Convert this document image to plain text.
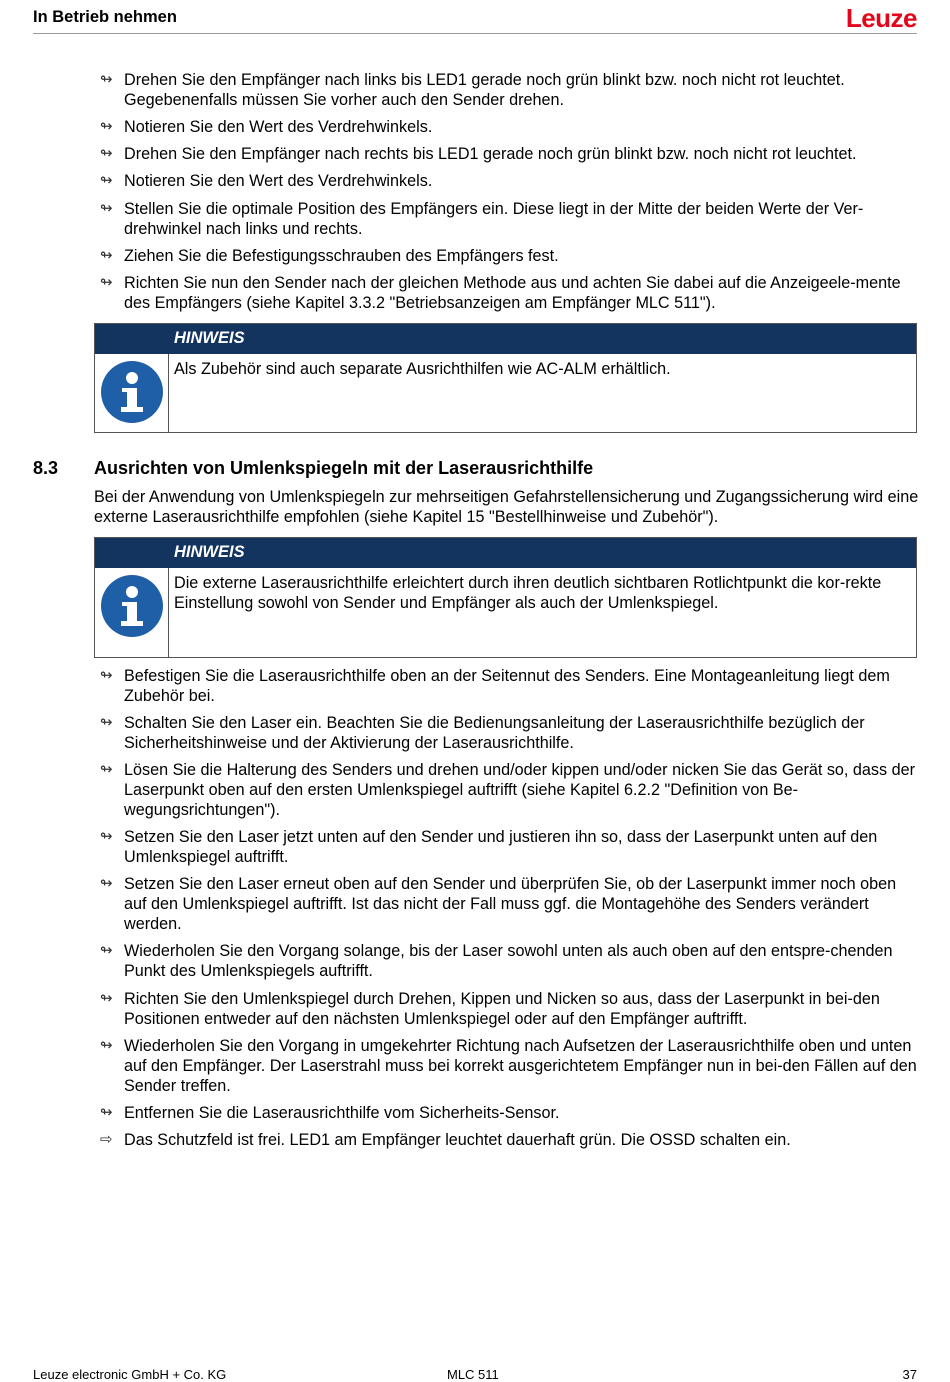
In Betrieb nehmen	Leuze
↬ Drehen Sie den Empfänger nach links bis LED1 gerade noch grün blinkt bzw. noch nicht rot leuchtet. Gegebenenfalls müssen Sie vorher auch den Sender drehen.
↬ Notieren Sie den Wert des Verdrehwinkels.
↬ Drehen Sie den Empfänger nach rechts bis LED1 gerade noch grün blinkt bzw. noch nicht rot leuchtet.
↬ Notieren Sie den Wert des Verdrehwinkels.
↬ Stellen Sie die optimale Position des Empfängers ein. Diese liegt in der Mitte der beiden Werte der Ver-drehwinkel nach links und rechts.
↬ Ziehen Sie die Befestigungsschrauben des Empfängers fest.
↬ Richten Sie nun den Sender nach der gleichen Methode aus und achten Sie dabei auf die Anzeigeele-mente des Empfängers (siehe Kapitel 3.3.2 "Betriebsanzeigen am Empfänger MLC 511").
HINWEIS
Als Zubehör sind auch separate Ausrichthilfen wie AC-ALM erhältlich.
8.3 Ausrichten von Umlenkspiegeln mit der Laserausrichthilfe
Bei der Anwendung von Umlenkspiegeln zur mehrseitigen Gefahrstellensicherung und Zugangssicherung wird eine externe Laserausrichthilfe empfohlen (siehe Kapitel 15 "Bestellhinweise und Zubehör").
HINWEIS
Die externe Laserausrichthilfe erleichtert durch ihren deutlich sichtbaren Rotlichtpunkt die kor-rekte Einstellung sowohl von Sender und Empfänger als auch der Umlenkspiegel.
↬ Befestigen Sie die Laserausrichthilfe oben an der Seitennut des Senders. Eine Montageanleitung liegt dem Zubehör bei.
↬ Schalten Sie den Laser ein. Beachten Sie die Bedienungsanleitung der Laserausrichthilfe bezüglich der Sicherheitshinweise und der Aktivierung der Laserausrichthilfe.
↬ Lösen Sie die Halterung des Senders und drehen und/oder kippen und/oder nicken Sie das Gerät so, dass der Laserpunkt oben auf den ersten Umlenkspiegel auftrifft (siehe Kapitel 6.2.2 "Definition von Be-wegungsrichtungen").
↬ Setzen Sie den Laser jetzt unten auf den Sender und justieren ihn so, dass der Laserpunkt unten auf den Umlenkspiegel auftrifft.
↬ Setzen Sie den Laser erneut oben auf den Sender und überprüfen Sie, ob der Laserpunkt immer noch oben auf den Umlenkspiegel auftrifft. Ist das nicht der Fall muss ggf. die Montagehöhe des Senders verändert werden.
↬ Wiederholen Sie den Vorgang solange, bis der Laser sowohl unten als auch oben auf den entspre-chenden Punkt des Umlenkspiegels auftrifft.
↬ Richten Sie den Umlenkspiegel durch Drehen, Kippen und Nicken so aus, dass der Laserpunkt in bei-den Positionen entweder auf den nächsten Umlenkspiegel oder auf den Empfänger auftrifft.
↬ Wiederholen Sie den Vorgang in umgekehrter Richtung nach Aufsetzen der Laserausrichthilfe oben und unten auf den Empfänger. Der Laserstrahl muss bei korrekt ausgerichtetem Empfänger nun in bei-den Fällen auf den Sender treffen.
↬ Entfernen Sie die Laserausrichthilfe vom Sicherheits-Sensor.
⇨ Das Schutzfeld ist frei. LED1 am Empfänger leuchtet dauerhaft grün. Die OSSD schalten ein.
Leuze electronic GmbH + Co. KG	MLC 511	37
